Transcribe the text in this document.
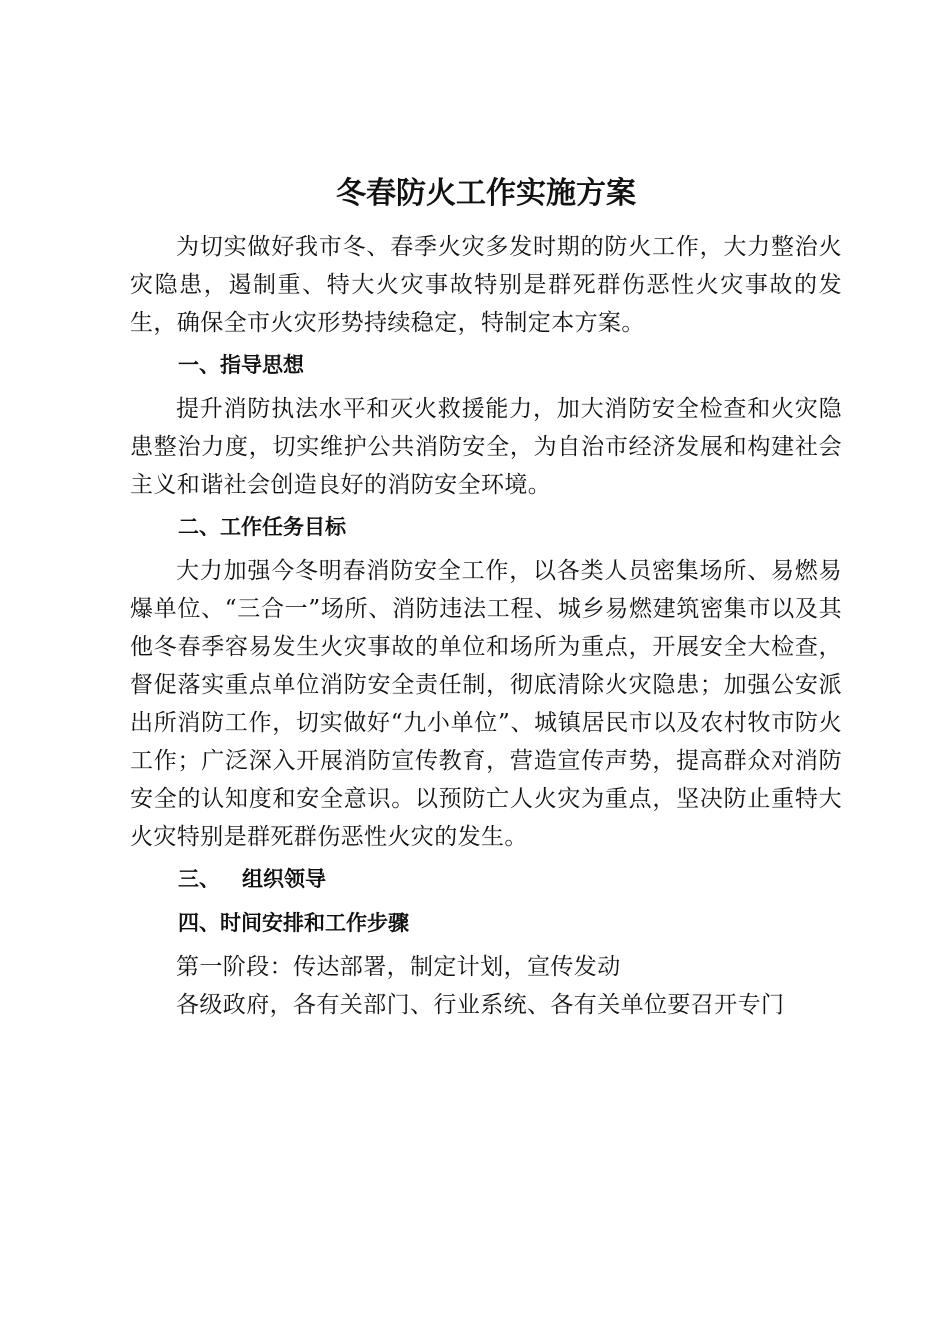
冬春防火工作实施方案

为切实做好我市冬、春季火灾多发时期的防火工作，大力整治火灾隐患，遏制重、特大火灾事故特别是群死群伤恶性火灾事故的发生，确保全市火灾形势持续稳定，特制定本方案。

一、指导思想

提升消防执法水平和灭火救援能力，加大消防安全检查和火灾隐患整治力度，切实维护公共消防安全，为自治市经济发展和构建社会主义和谐社会创造良好的消防安全环境。

二、工作任务目标

大力加强今冬明春消防安全工作，以各类人员密集场所、易燃易爆单位、“三合一”场所、消防违法工程、城乡易燃建筑密集市以及其他冬春季容易发生火灾事故的单位和场所为重点，开展安全大检查，督促落实重点单位消防安全责任制，彻底清除火灾隐患；加强公安派出所消防工作，切实做好“九小单位”、城镇居民市以及农村牧市防火工作；广泛深入开展消防宣传教育，营造宣传声势，提高群众对消防安全的认知度和安全意识。以预防亡人火灾为重点，坚决防止重特大火灾特别是群死群伤恶性火灾的发生。

三、 组织领导
四、时间安排和工作步骤

第一阶段：传达部署，制定计划，宣传发动

各级政府，各有关部门、行业系统、各有关单位要召开专门
